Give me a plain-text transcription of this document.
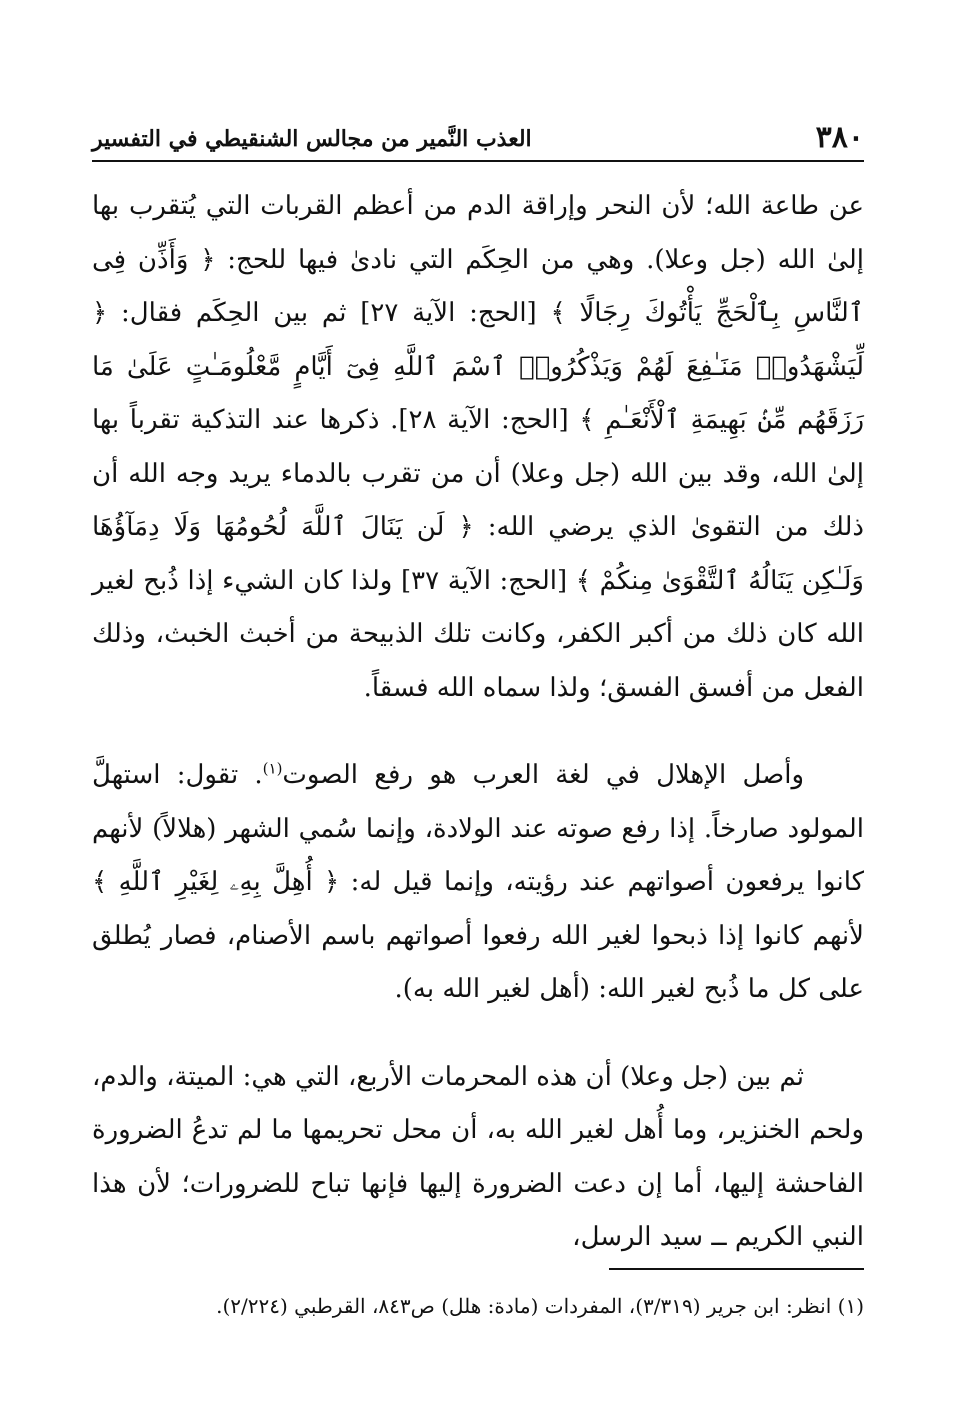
٣٨٠
العذب النَّمير من مجالس الشنقيطي في التفسير

عن طاعة الله؛ لأن النحر وإراقة الدم من أعظم القربات التي يُتقرب بها إلىٰ الله (جل وعلا). وهي من الحِكَم التي نادىٰ فيها للحج: ﴿ وَأَذِّن فِى ٱلنَّاسِ بِٱلْحَجِّ يَأْتُوكَ رِجَالًا ﴾ [الحج: الآية ٢٧] ثم بين الحِكَم فقال: ﴿ لِّيَشْهَدُوا۟ مَنَـٰفِعَ لَهُمْ وَيَذْكُرُوا۟ ٱسْمَ ٱللَّهِ فِىٓ أَيَّامٍ مَّعْلُومَـٰتٍ عَلَىٰ مَا رَزَقَهُم مِّنۢ بَهِيمَةِ ٱلْأَنْعَـٰمِ ﴾ [الحج: الآية ٢٨]. ذكرها عند التذكية تقرباً بها إلىٰ الله، وقد بين الله (جل وعلا) أن من تقرب بالدماء يريد وجه الله أن ذلك من التقوىٰ الذي يرضي الله: ﴿ لَن يَنَالَ ٱللَّهَ لُحُومُهَا وَلَا دِمَآؤُهَا وَلَـٰكِن يَنَالُهُ ٱلتَّقْوَىٰ مِنكُمْ ﴾ [الحج: الآية ٣٧] ولذا كان الشيء إذا ذُبح لغير الله كان ذلك من أكبر الكفر، وكانت تلك الذبيحة من أخبث الخبث، وذلك الفعل من أفسق الفسق؛ ولذا سماه الله فسقاً.

وأصل الإهلال في لغة العرب هو رفع الصوت$^{(١)}$. تقول: استهلَّ المولود صارخاً. إذا رفع صوته عند الولادة، وإنما سُمي الشهر (هلالاً) لأنهم كانوا يرفعون أصواتهم عند رؤيته، وإنما قيل له: ﴿ أُهِلَّ بِهِۦ لِغَيْرِ ٱللَّهِ ﴾ لأنهم كانوا إذا ذبحوا لغير الله رفعوا أصواتهم باسم الأصنام، فصار يُطلق على كل ما ذُبح لغير الله: (أهل لغير الله به).

ثم بين (جل وعلا) أن هذه المحرمات الأربع، التي هي: الميتة، والدم، ولحم الخنزير، وما أُهل لغير الله به، أن محل تحريمها ما لم تدعُ الضرورة الفاحشة إليها، أما إن دعت الضرورة إليها فإنها تباح للضرورات؛ لأن هذا النبي الكريم ــ سيد الرسل،

(١) انظر: ابن جرير (٣/٣١٩)، المفردات (مادة: هلل) ص٨٤٣، القرطبي (٢/٢٢٤).
